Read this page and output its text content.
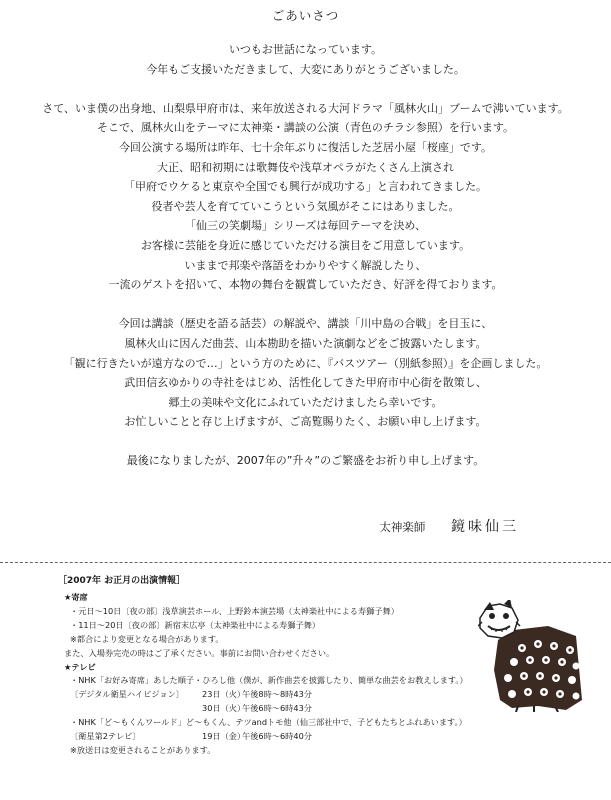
ごあいさつ
いつもお世話になっています。
今年もご支援いただきまして、大変にありがとうございました。
さて、いま僕の出身地、山梨県甲府市は、来年放送される大河ドラマ「風林火山」ブームで沸いています。
そこで、風林火山をテーマに太神楽・講談の公演（青色のチラシ参照）を行います。
今回公演する場所は昨年、七十余年ぶりに復活した芝居小屋「桜座」です。
大正、昭和初期には歌舞伎や浅草オペラがたくさん上演され
「甲府でウケると東京や全国でも興行が成功する」と言われてきました。
役者や芸人を育てていこうという気風がそこにはありました。
「仙三の笑劇場」シリーズは毎回テーマを決め、
お客様に芸能を身近に感じていただける演目をご用意しています。
いままで邦楽や落語をわかりやすく解説したり、
一流のゲストを招いて、本物の舞台を観賞していただき、好評を得ております。
今回は講談（歴史を語る話芸）の解説や、講談「川中島の合戦」を目玉に、
風林火山に因んだ曲芸、山本勘助を描いた演劇などをご披露いたします。
「観に行きたいが遠方なので…」という方のために、『バスツアー（別紙参照）』を企画しました。
武田信玄ゆかりの寺社をはじめ、活性化してきた甲府市中心街を散策し、
郷土の美味や文化にふれていただけましたら幸いです。
お忙しいことと存じ上げますが、ご高覧賜りたく、お願い申し上げます。
最後になりましたが、2007年の”升々”のご繁盛をお祈り申し上げます。
太神楽師 鏡味仙三
［2007年 お正月の出演情報］
★寄席
・元日〜10日〔夜の部〕浅草演芸ホール、上野鈴本演芸場（太神楽社中による寿獅子舞）
・11日〜20日〔夜の部〕新宿末広亭（太神楽社中による寿獅子舞）
※都合により変更となる場合があります。
また、入場券完売の時はご了承ください。事前にお問い合わせください。
★テレビ
・NHK「お好み寄席」あした順子・ひろし他（僕が、新作曲芸を披露したり、簡単な曲芸をお教えします。）
〔デジタル衛星ハイビジョン〕 23日（火）午後8時〜8時43分
30日（火）午後6時〜6時43分
・NHK「ど〜もくんワールド」ど〜もくん、テツandトモ他（仙三部社中で、子どもたちとふれあいます。）
〔衛星第2テレビ〕	19日（金）午後6時〜6時40分
※放送日は変更されることがあります。
